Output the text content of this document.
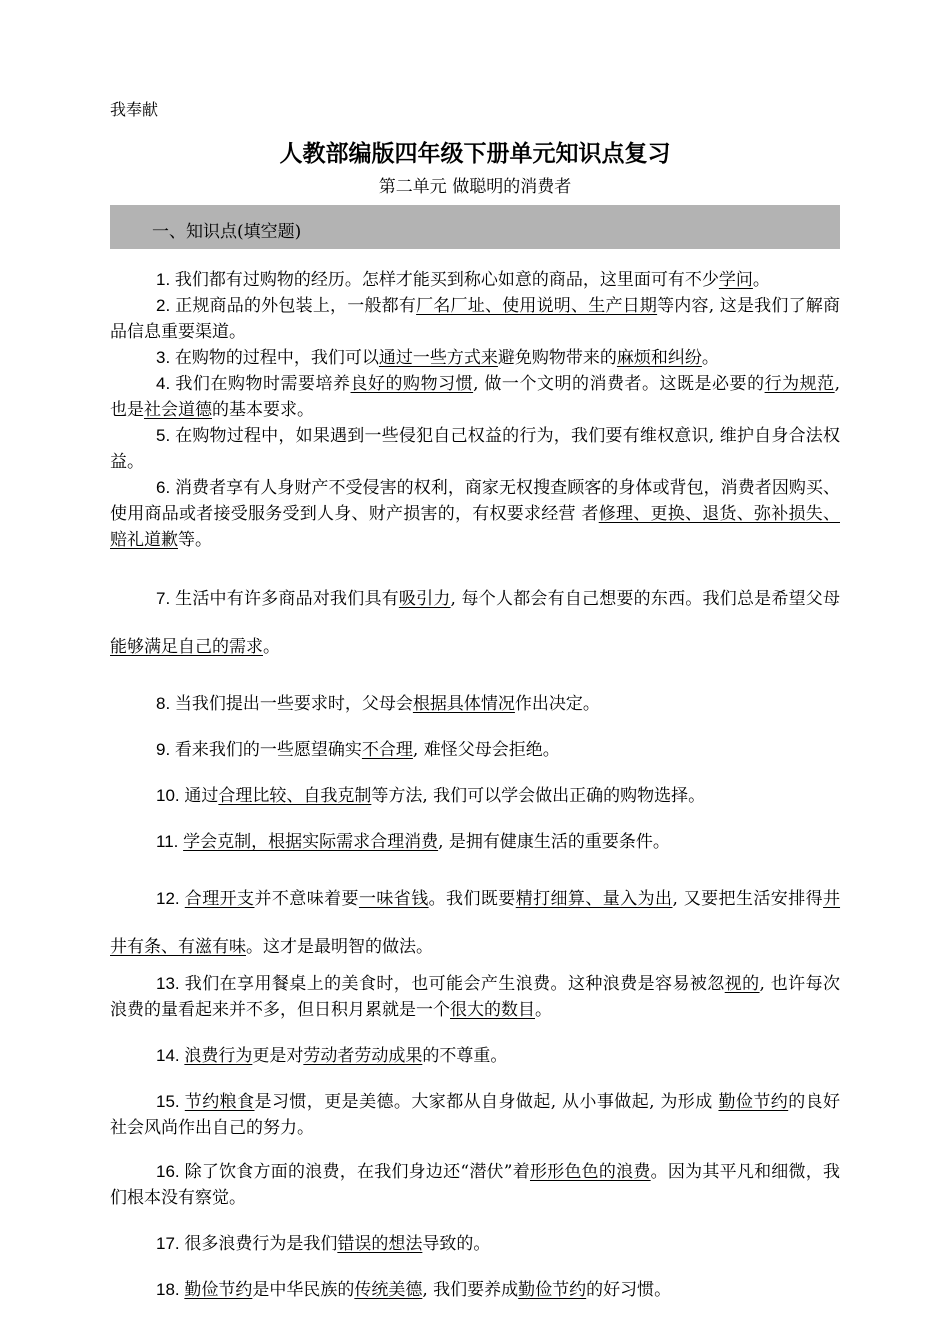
我奉献
人教部编版四年级下册单元知识点复习
第二单元 做聪明的消费者
一、知识点(填空题)

1. 我们都有过购物的经历。怎样才能买到称心如意的商品，这里面可有不少学问。

2. 正规商品的外包装上，一般都有厂名厂址、使用说明、生产日期等内容, 这是我们了解商品信息重要渠道。

3. 在购物的过程中，我们可以通过一些方式来避免购物带来的麻烦和纠纷。

4. 我们在购物时需要培养良好的购物习惯, 做一个文明的消费者。这既是必要的行为规范, 也是社会道德的基本要求。

5. 在购物过程中，如果遇到一些侵犯自己权益的行为，我们要有维权意识, 维护自身合法权益。

6. 消费者享有人身财产不受侵害的权利，商家无权搜查顾客的身体或背包，消费者因购买、使用商品或者接受服务受到人身、财产损害的，有权要求经营 者修理、更换、退货、弥补损失、赔礼道歉等。

7. 生活中有许多商品对我们具有吸引力, 每个人都会有自己想要的东西。我们总是希望父母能够满足自己的需求。

8. 当我们提出一些要求时，父母会根据具体情况作出决定。

9. 看来我们的一些愿望确实不合理, 难怪父母会拒绝。

10. 通过合理比较、自我克制等方法, 我们可以学会做出正确的购物选择。

11. 学会克制，根据实际需求合理消费, 是拥有健康生活的重要条件。

12. 合理开支并不意味着要一味省钱。我们既要精打细算、量入为出, 又要把生活安排得井井有条、有滋有味。这才是最明智的做法。

13. 我们在享用餐桌上的美食时，也可能会产生浪费。这种浪费是容易被忽视的, 也许每次浪费的量看起来并不多，但日积月累就是一个很大的数目。

14. 浪费行为更是对劳动者劳动成果的不尊重。

15. 节约粮食是习惯，更是美德。大家都从自身做起, 从小事做起, 为形成 勤俭节约的良好社会风尚作出自己的努力。

16. 除了饮食方面的浪费，在我们身边还“潜伏”着形形色色的浪费。因为其平凡和细微，我们根本没有察觉。

17. 很多浪费行为是我们错误的想法导致的。

18. 勤俭节约是中华民族的传统美德, 我们要养成勤俭节约的好习惯。
